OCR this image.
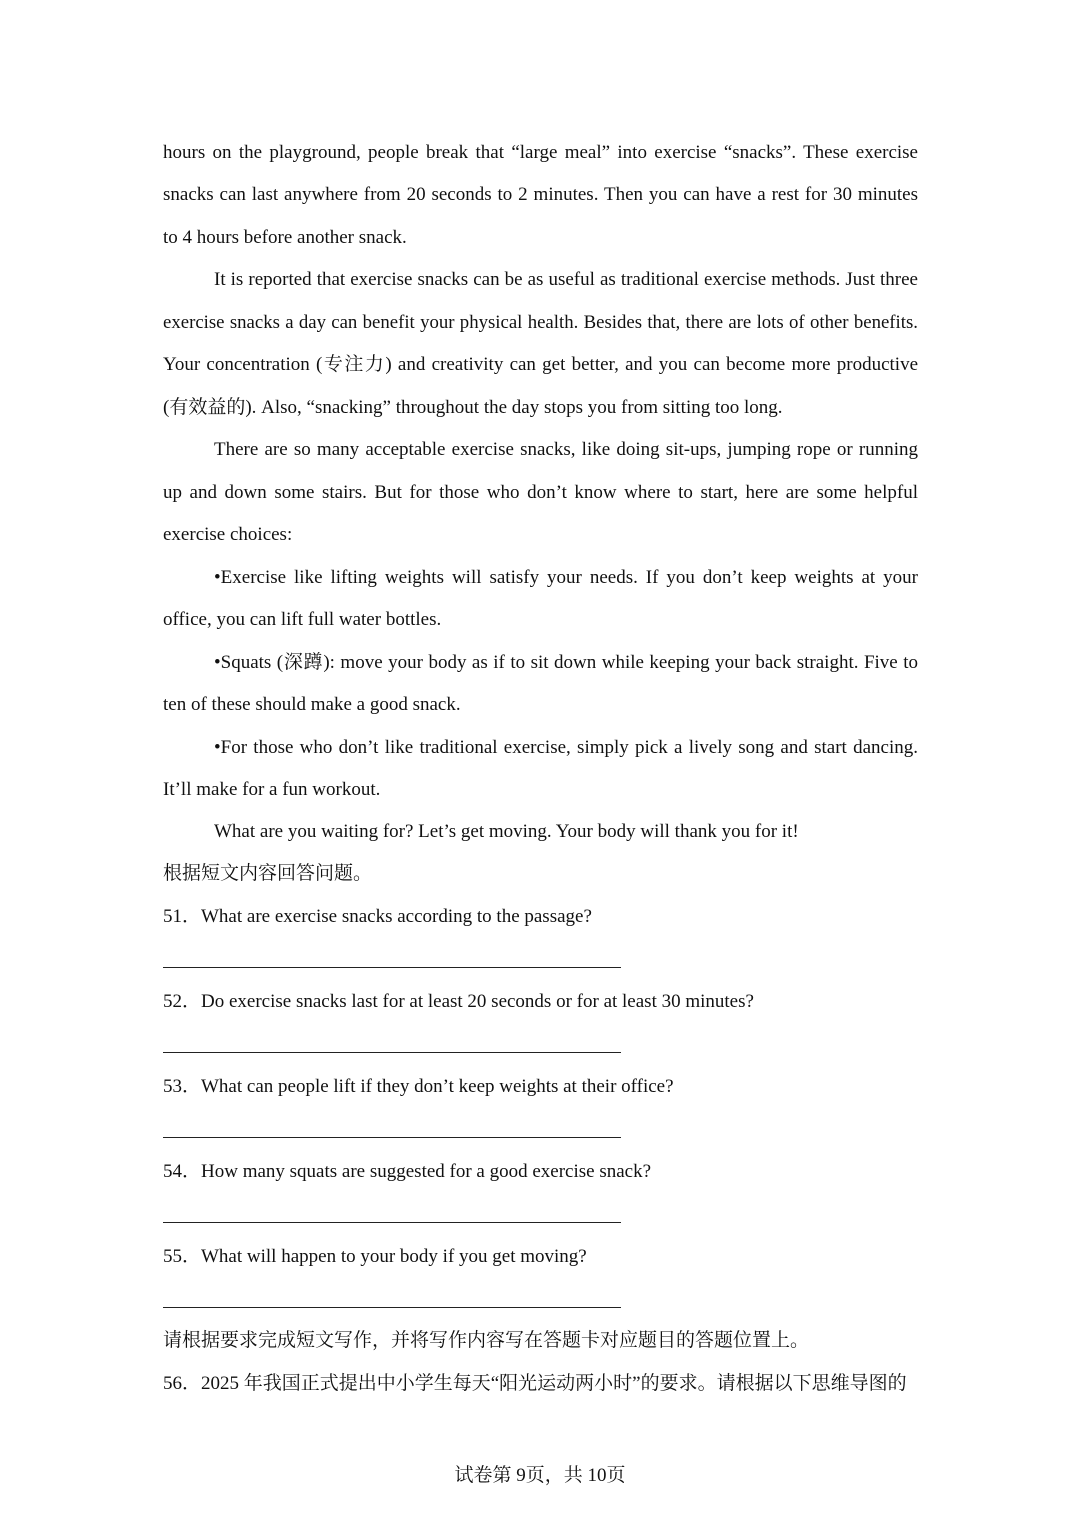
hours on the playground, people break that “large meal” into exercise “snacks”. These exercise
snacks can last anywhere from 20 seconds to 2 minutes. Then you can have a rest for 30 minutes
to 4 hours before another snack.
It is reported that exercise snacks can be as useful as traditional exercise methods. Just three
exercise snacks a day can benefit your physical health. Besides that, there are lots of other benefits.
Your concentration (专注力) and creativity can get better, and you can become more productive
(有效益的). Also, “snacking” throughout the day stops you from sitting too long.
There are so many acceptable exercise snacks, like doing sit-ups, jumping rope or running
up and down some stairs. But for those who don’t know where to start, here are some helpful
exercise choices:
•Exercise like lifting weights will satisfy your needs. If you don’t keep weights at your
office, you can lift full water bottles.
•Squats (深蹲): move your body as if to sit down while keeping your back straight. Five to
ten of these should make a good snack.
•For those who don’t like traditional exercise, simply pick a lively song and start dancing.
It’ll make for a fun workout.
What are you waiting for? Let’s get moving. Your body will thank you for it!
根据短文内容回答问题。
51．What are exercise snacks according to the passage?
52．Do exercise snacks last for at least 20 seconds or for at least 30 minutes?
53．What can people lift if they don’t keep weights at their office?
54．How many squats are suggested for a good exercise snack?
55．What will happen to your body if you get moving?
请根据要求完成短文写作，并将写作内容写在答题卡对应题目的答题位置上。
56．2025 年我国正式提出中小学生每天“阳光运动两小时”的要求。请根据以下思维导图的
试卷第 9页，共 10页
